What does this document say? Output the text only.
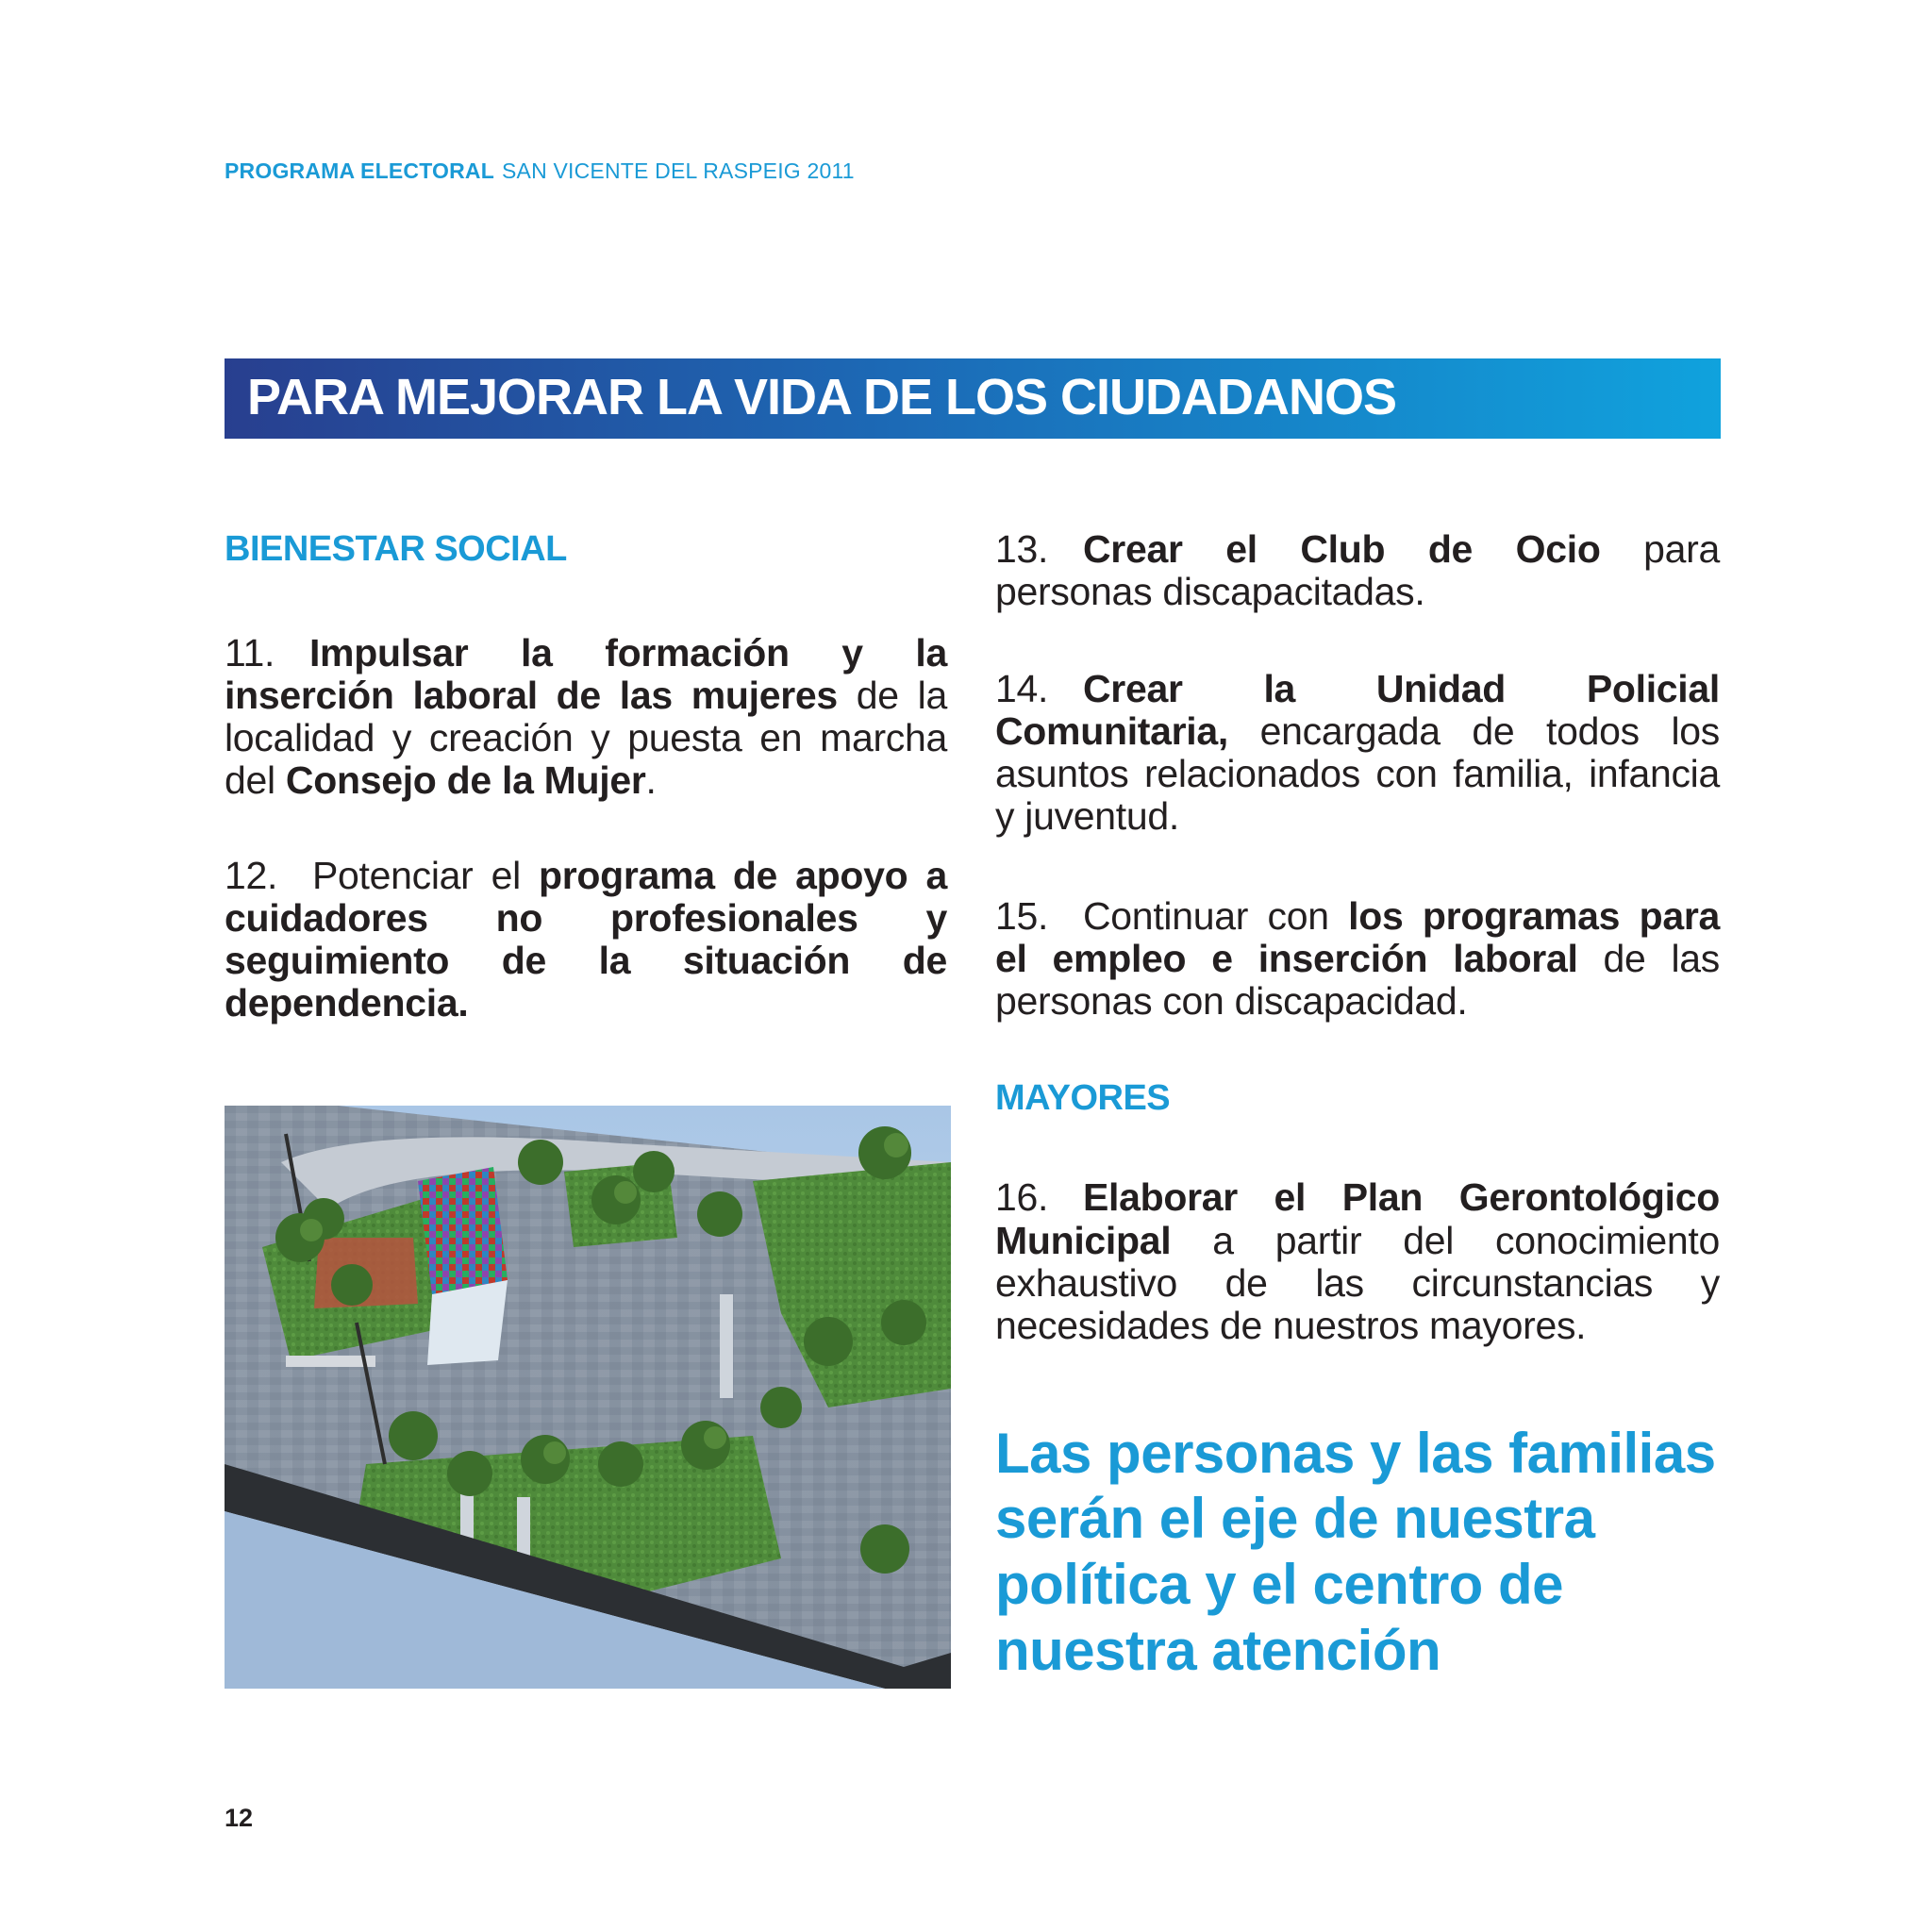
PROGRAMA ELECTORAL SAN VICENTE DEL RASPEIG 2011
PARA MEJORAR LA VIDA DE LOS CIUDADANOS
BIENESTAR SOCIAL

11. Impulsar la formación y la inserción laboral de las mujeres de la localidad y creación y puesta en marcha del Consejo de la Mujer.

12. Potenciar el programa de apoyo a cuidadores no profesionales y seguimiento de la situación de dependencia.

13. Crear el Club de Ocio para personas discapacitadas.

14. Crear la Unidad Policial Comunitaria, encargada de todos los asuntos relacionados con familia, infancia y juventud.

15. Continuar con los programas para el empleo e inserción laboral de las personas con discapacidad.

MAYORES

16. Elaborar el Plan Gerontológico Municipal a partir del conocimiento exhaustivo de las circunstancias y necesidades de nuestros mayores.

Las personas y las familias serán el eje de nuestra política y el centro de nuestra atención
12
